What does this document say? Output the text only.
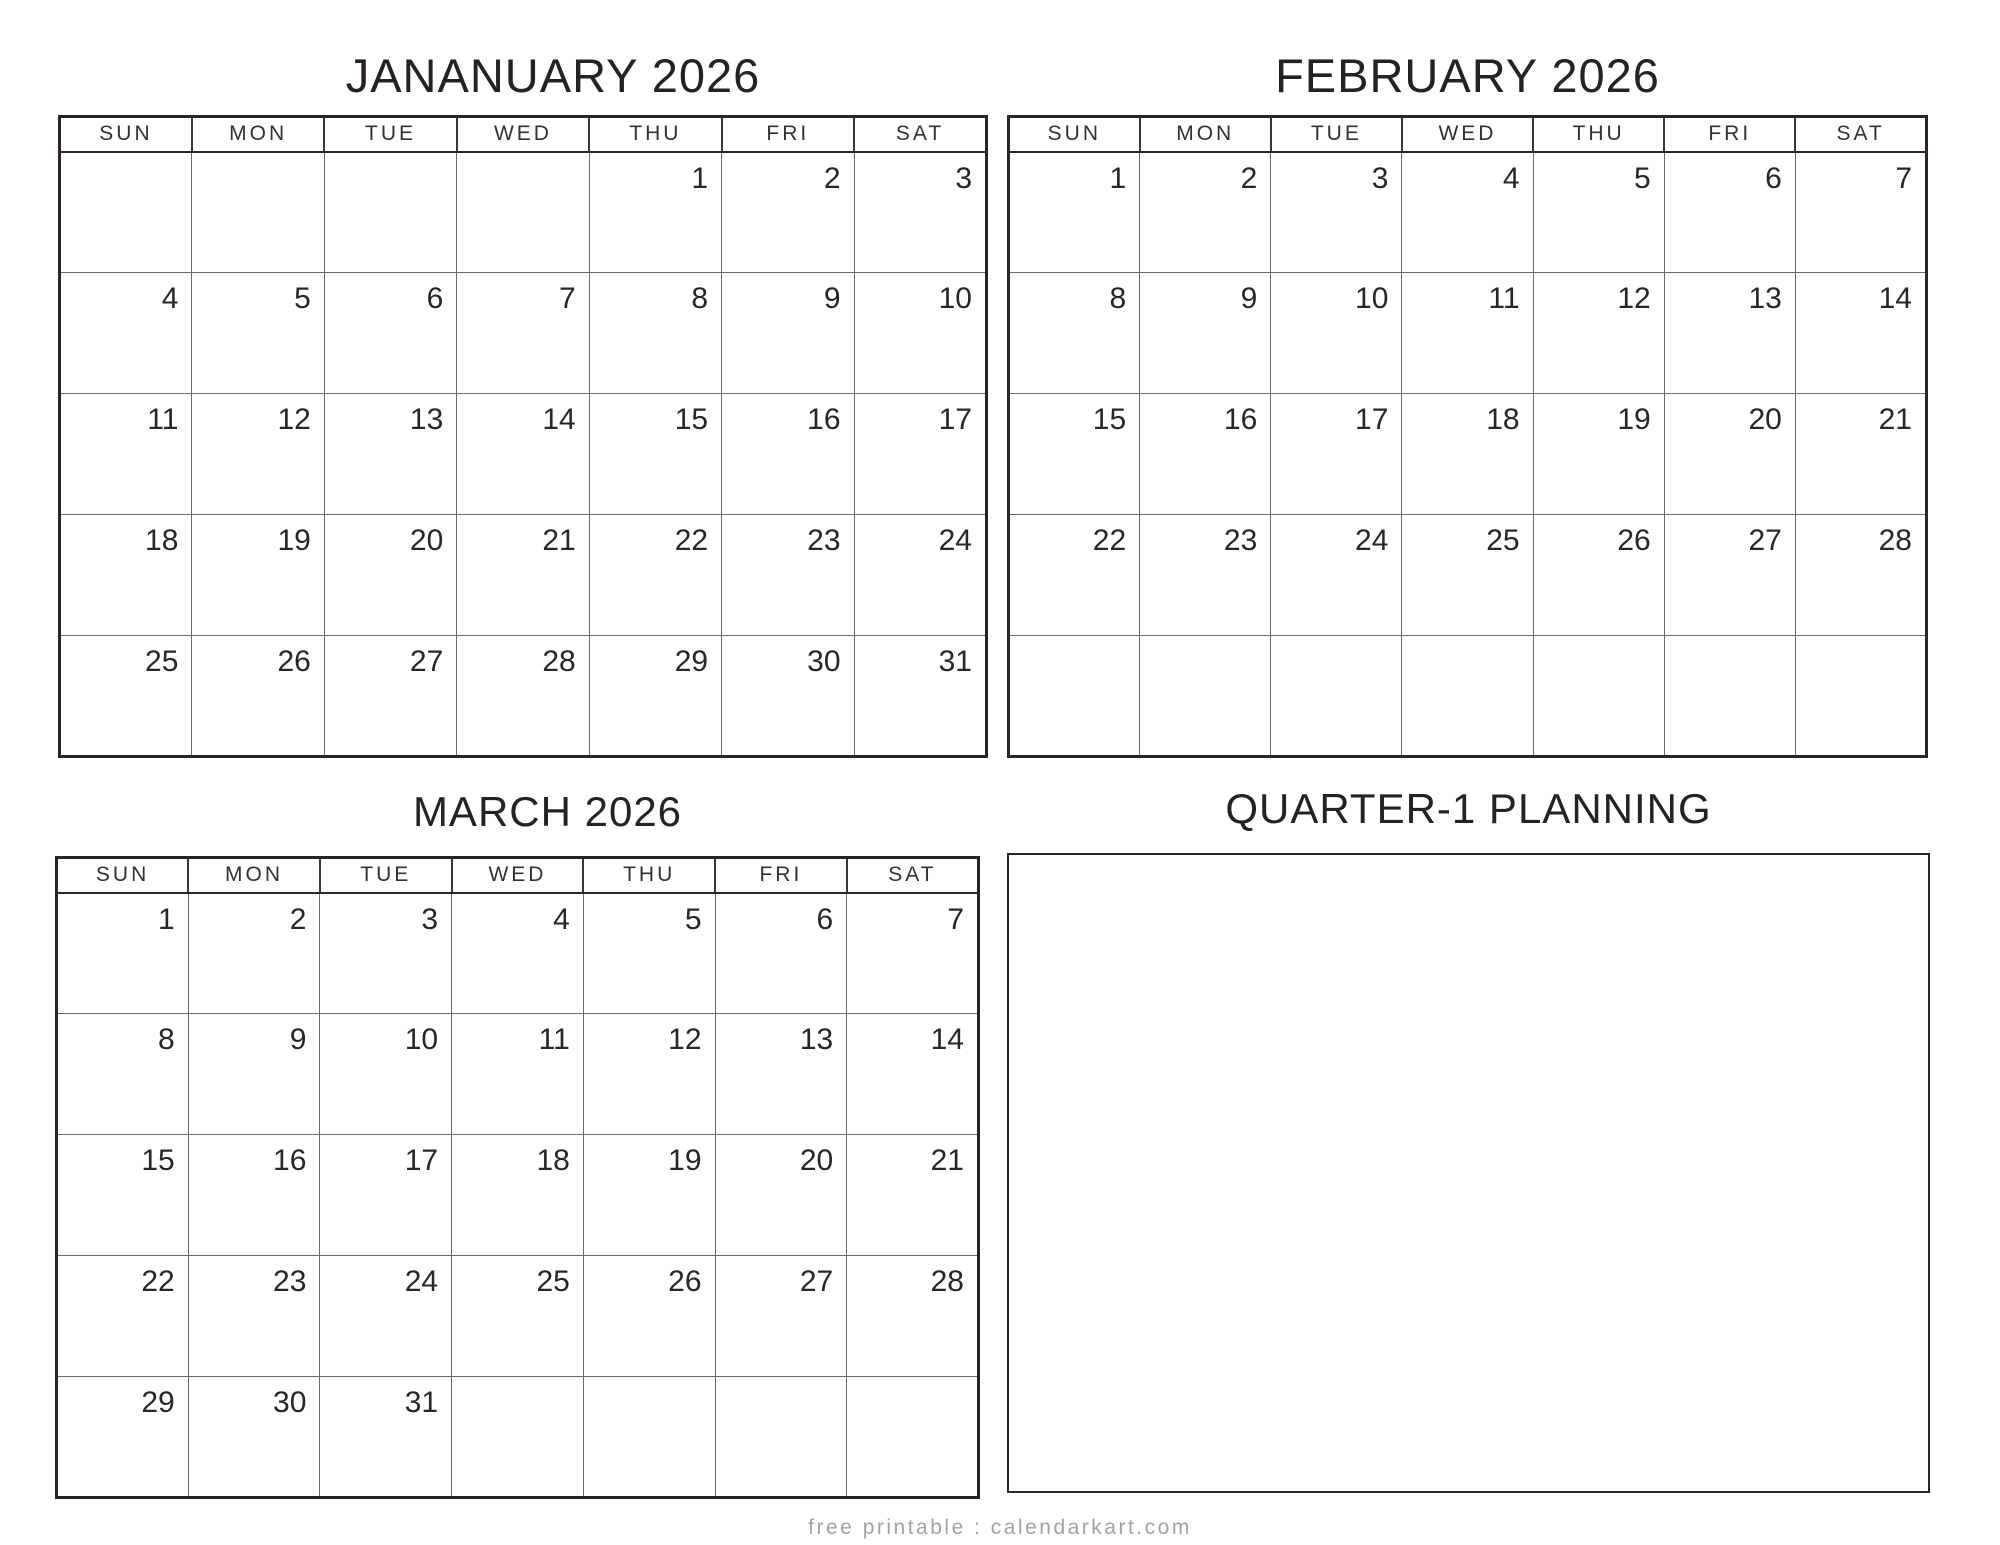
JANANUARY 2026
SUN	MON	TUE	WED	THU	FRI	SAT
				1	2	3
4	5	6	7	8	9	10
11	12	13	14	15	16	17
18	19	20	21	22	23	24
25	26	27	28	29	30	31
FEBRUARY 2026
SUN	MON	TUE	WED	THU	FRI	SAT
1	2	3	4	5	6	7
8	9	10	11	12	13	14
15	16	17	18	19	20	21
22	23	24	25	26	27	28

MARCH 2026
SUN	MON	TUE	WED	THU	FRI	SAT
1	2	3	4	5	6	7
8	9	10	11	12	13	14
15	16	17	18	19	20	21
22	23	24	25	26	27	28
29	30	31				
QUARTER-1 PLANNING
free printable : calendarkart.com
